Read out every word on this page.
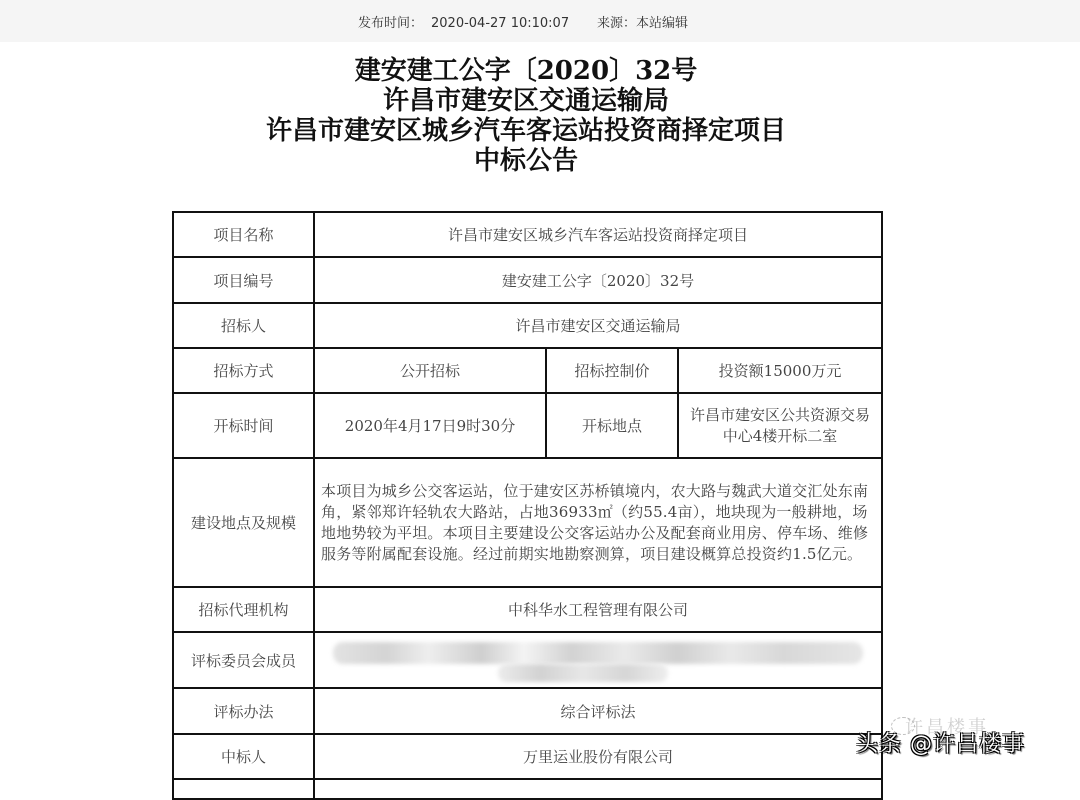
发布时间： 2020-04-27 10:10:07 来源：本站编辑
建安建工公字〔2020〕32号
许昌市建安区交通运输局
许昌市建安区城乡汽车客运站投资商择定项目
中标公告
项目名称	许昌市建安区城乡汽车客运站投资商择定项目		
项目编号	建安建工公字〔2020〕32号		
招标人	许昌市建安区交通运输局		
招标方式	公开招标	招标控制价	投资额15000万元
开标时间	2020年4月17日9时30分	开标地点	许昌市建安区公共资源交易
中心4楼开标二室

建设地点及规模	本项目为城乡公交客运站，位于建安区苏桥镇境内，农大路与魏武大道交汇处东南角，紧邻郑许轻轨农大路站，占地36933㎡（约55.4亩），地块现为一般耕地，场地地势较为平坦。本项目主要建设公交客运站办公及配套商业用房、停车场、维修服务等附属配套设施。经过前期实地勘察测算，项目建设概算总投资约1.5亿元。		
招标代理机构	中科华水工程管理有限公司		
评标委员会成员			

评标办法	综合评标法		
中标人	万里运业股份有限公司		

许昌楼事
头条 @许昌楼事
